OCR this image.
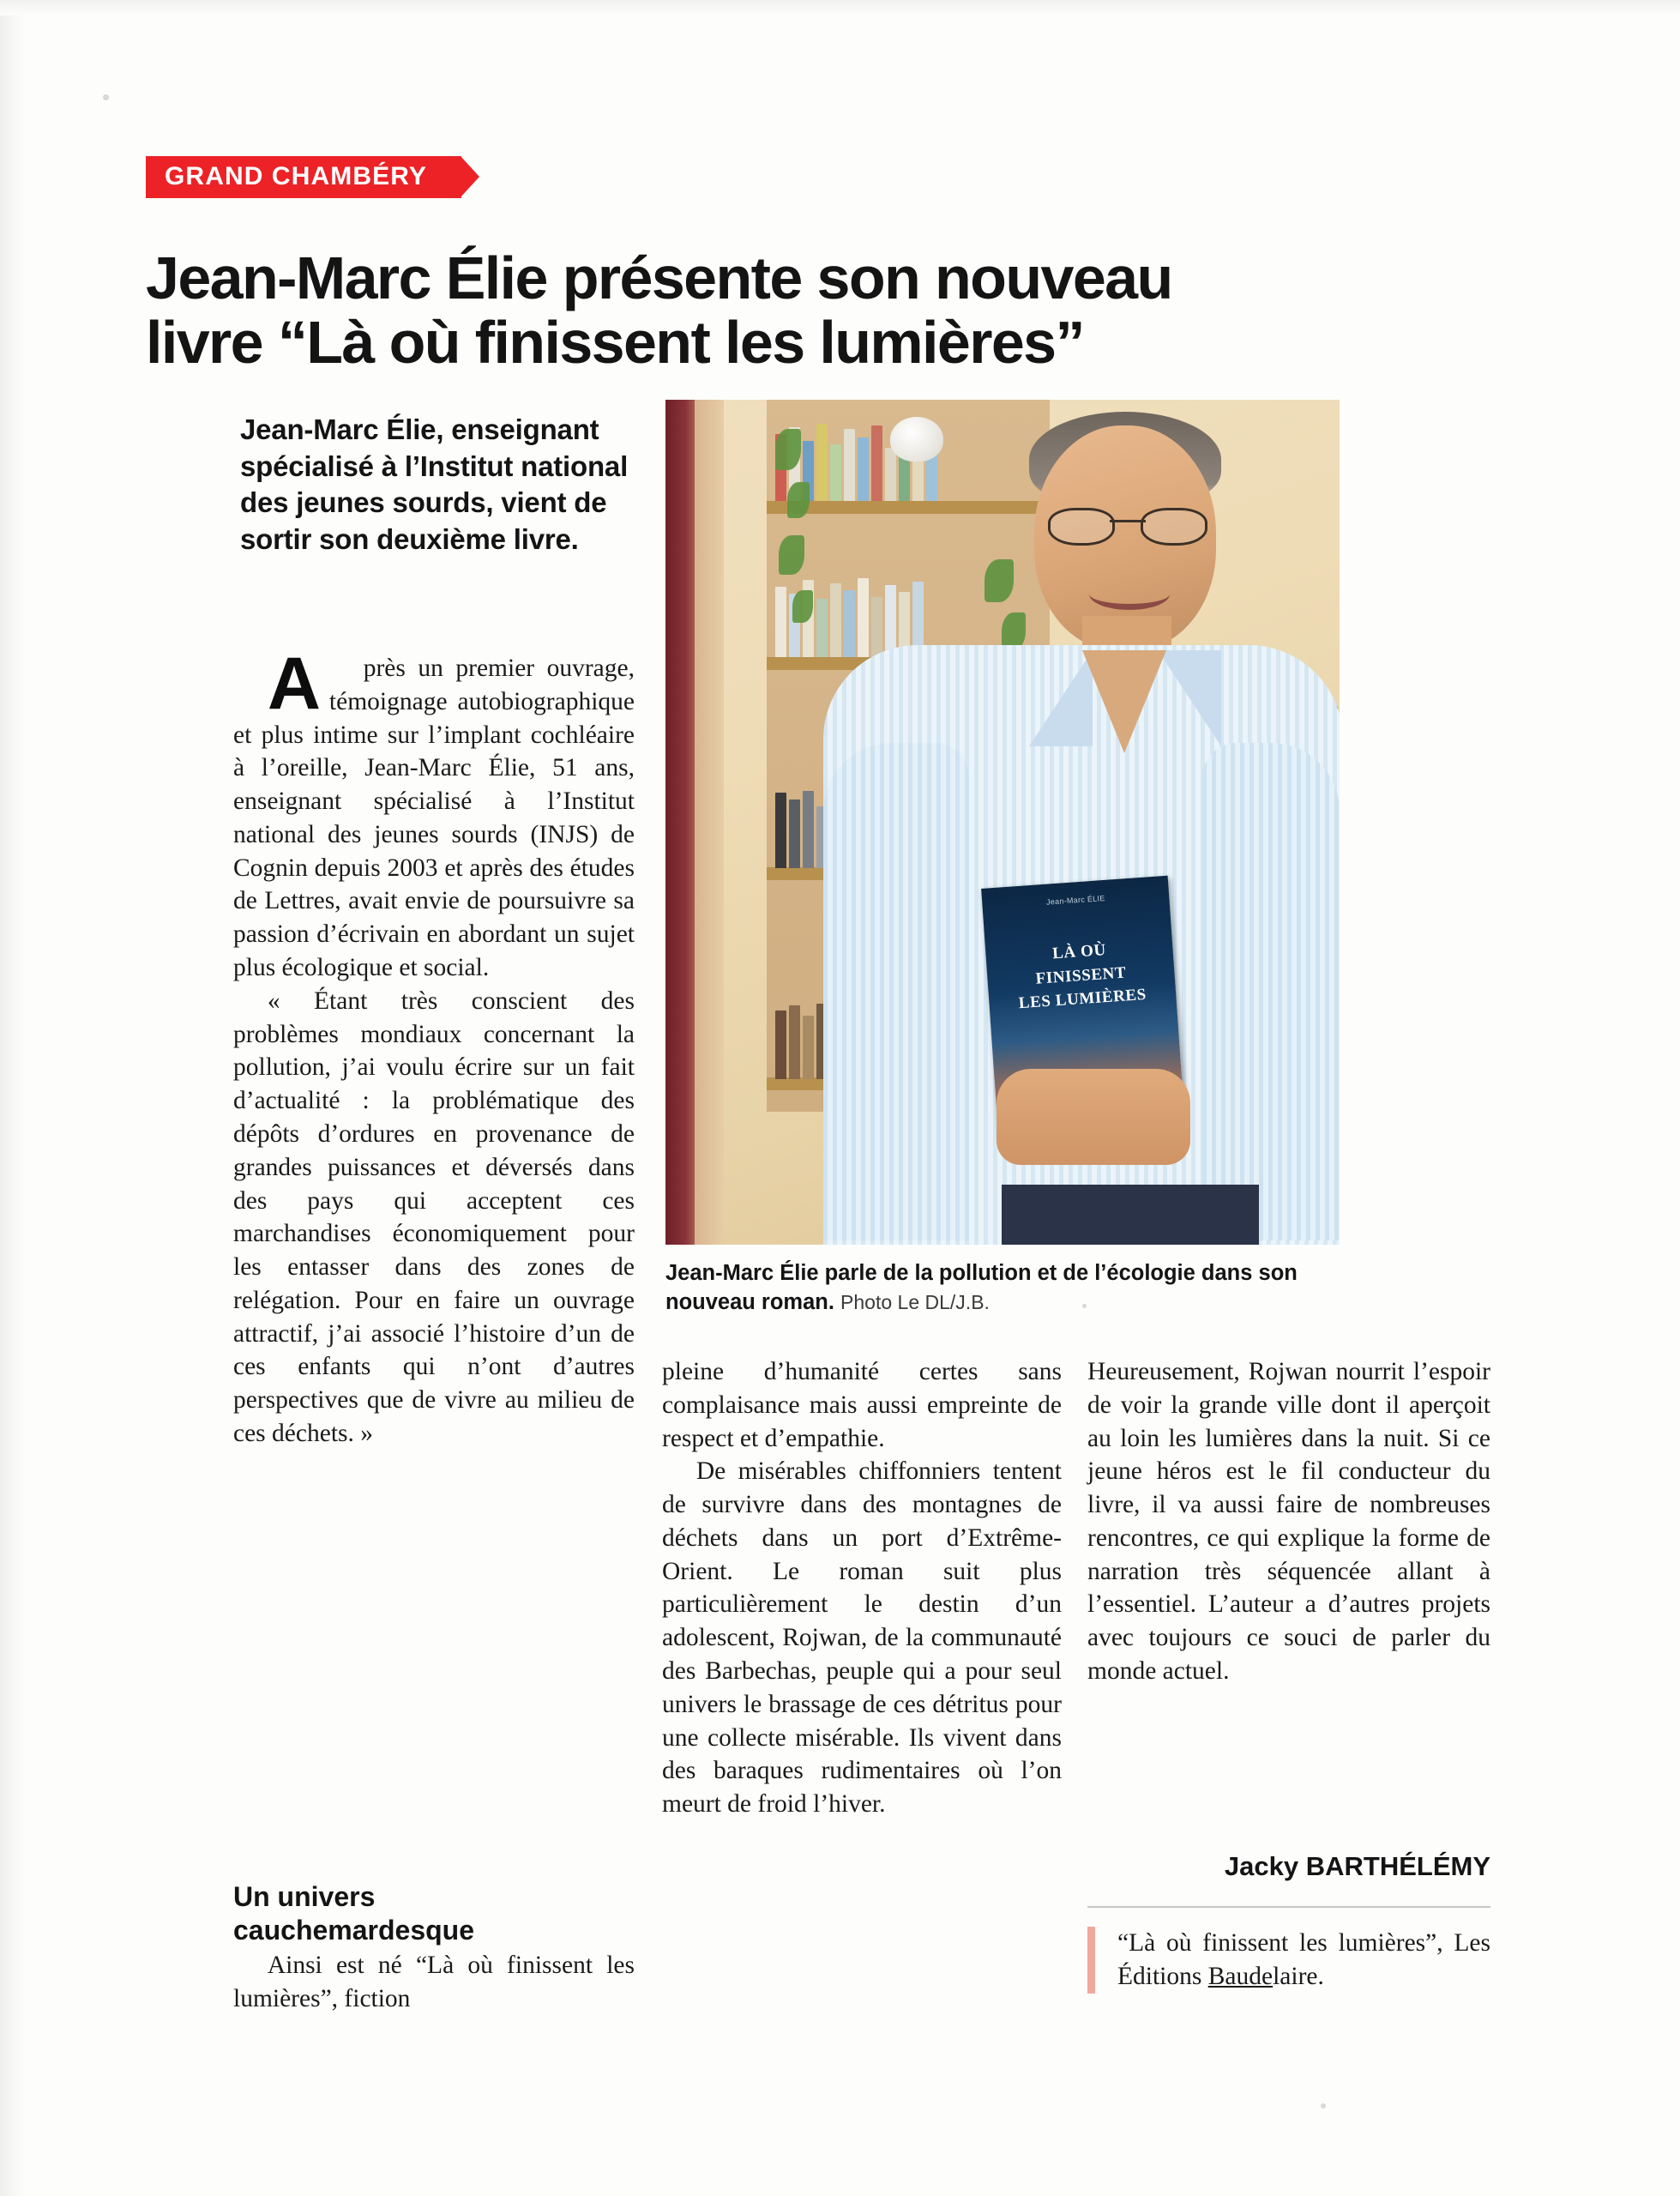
GRAND CHAMBÉRY
Jean-Marc Élie présente son nouveau
livre “Là où finissent les lumières”
Jean-Marc Élie, enseignant spécialisé à l’Institut national des jeunes sourds, vient de sortir son deuxième livre.
Jean-Marc ÉLIE
LÀ OÙ
FINISSENT
LES LUMIÈRES
Jean-Marc Élie parle de la pollution et de l’écologie dans son nouveau roman. Photo Le DL/J.B.

Après un premier ouvrage, témoignage autobiographique et plus intime sur l’implant cochléaire à l’oreille, Jean-Marc Élie, 51 ans, enseignant spécialisé à l’Institut national des jeunes sourds (INJS) de Cognin depuis 2003 et après des études de Lettres, avait envie de poursuivre sa passion d’écrivain en abordant un sujet plus écologique et social.

« Étant très conscient des problèmes mondiaux concernant la pollution, j’ai voulu écrire sur un fait d’actualité : la problématique des dépôts d’ordures en provenance de grandes puissances et déversés dans des pays qui acceptent ces marchandises économiquement pour les entasser dans des zones de relégation. Pour en faire un ouvrage attractif, j’ai associé l’histoire d’un de ces enfants qui n’ont d’autres perspectives que de vivre au milieu de ces déchets. »

Un univers
cauchemardesque

Ainsi est né “Là où finissent les lumières”, fiction

pleine d’humanité certes sans complaisance mais aussi empreinte de respect et d’empathie.

De misérables chiffonniers tentent de survivre dans des montagnes de déchets dans un port d’Extrême-Orient. Le roman suit plus particulièrement le destin d’un adolescent, Rojwan, de la communauté des Barbechas, peuple qui a pour seul univers le brassage de ces détritus pour une collecte misérable. Ils vivent dans des baraques rudimentaires où l’on meurt de froid l’hiver.

Heureusement, Rojwan nourrit l’espoir de voir la grande ville dont il aperçoit au loin les lumières dans la nuit. Si ce jeune héros est le fil conducteur du livre, il va aussi faire de nombreuses rencontres, ce qui explique la forme de narration très séquencée allant à l’essentiel. L’auteur a d’autres projets avec toujours ce souci de parler du monde actuel.

Jacky BARTHÉLÉMY
“Là où finissent les lumières”, Les Éditions Baudelaire.
